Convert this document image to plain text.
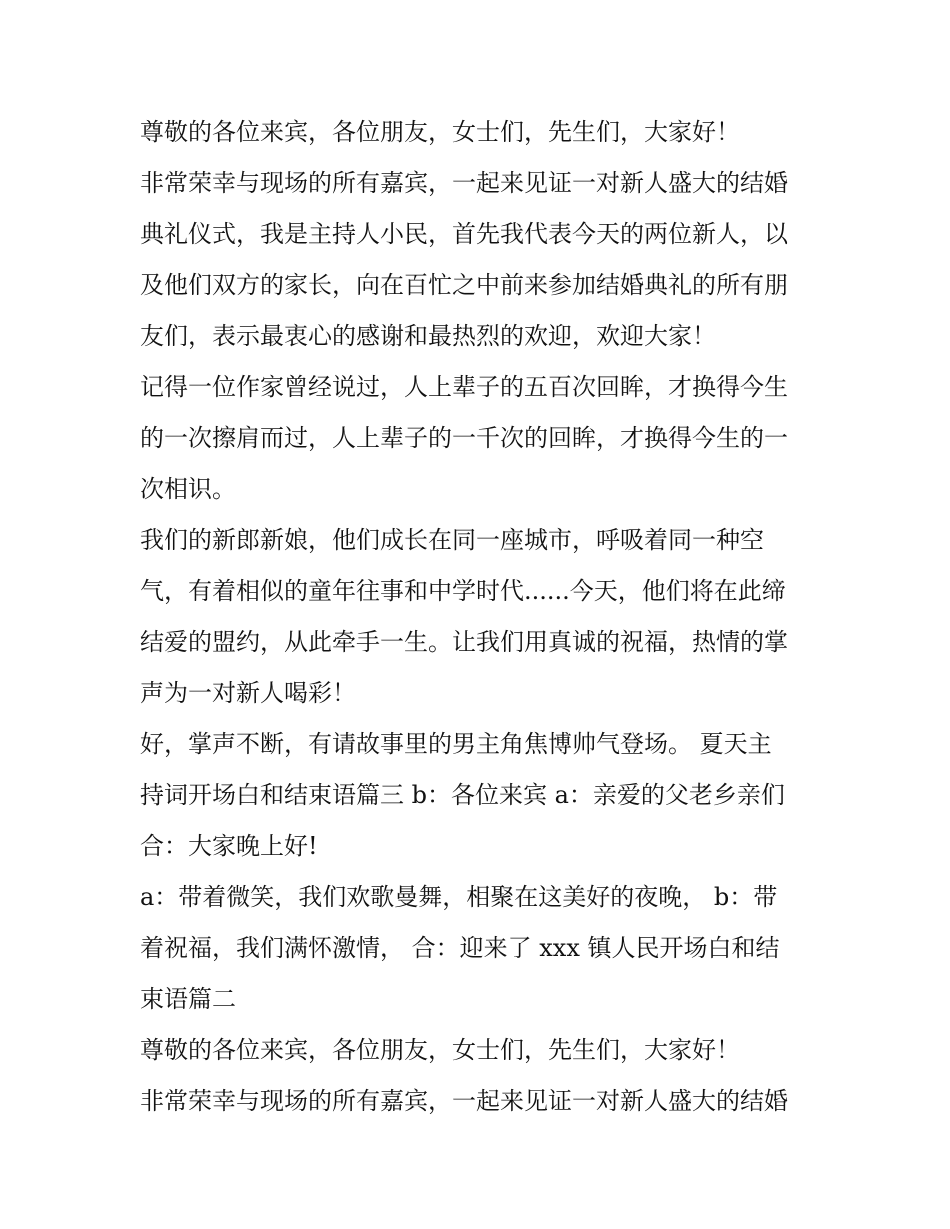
尊敬的各位来宾，各位朋友，女士们，先生们，大家好！
非常荣幸与现场的所有嘉宾，一起来见证一对新人盛大的结婚
典礼仪式，我是主持人小民，首先我代表今天的两位新人，以
及他们双方的家长，向在百忙之中前来参加结婚典礼的所有朋
友们，表示最衷心的感谢和最热烈的欢迎，欢迎大家！
记得一位作家曾经说过，人上辈子的五百次回眸，才换得今生
的一次擦肩而过，人上辈子的一千次的回眸，才换得今生的一
次相识。
我们的新郎新娘，他们成长在同一座城市，呼吸着同一种空
气，有着相似的童年往事和中学时代......今天，他们将在此缔
结爱的盟约，从此牵手一生。让我们用真诚的祝福，热情的掌
声为一对新人喝彩！
好，掌声不断，有请故事里的男主角焦博帅气登场。 夏天主
持词开场白和结束语篇三 b：各位来宾 a：亲爱的父老乡亲们
合：大家晚上好!
a：带着微笑，我们欢歌曼舞，相聚在这美好的夜晚， b：带
着祝福，我们满怀激情， 合：迎来了 xxx 镇人民开场白和结
束语篇二
尊敬的各位来宾，各位朋友，女士们，先生们，大家好！
非常荣幸与现场的所有嘉宾，一起来见证一对新人盛大的结婚
